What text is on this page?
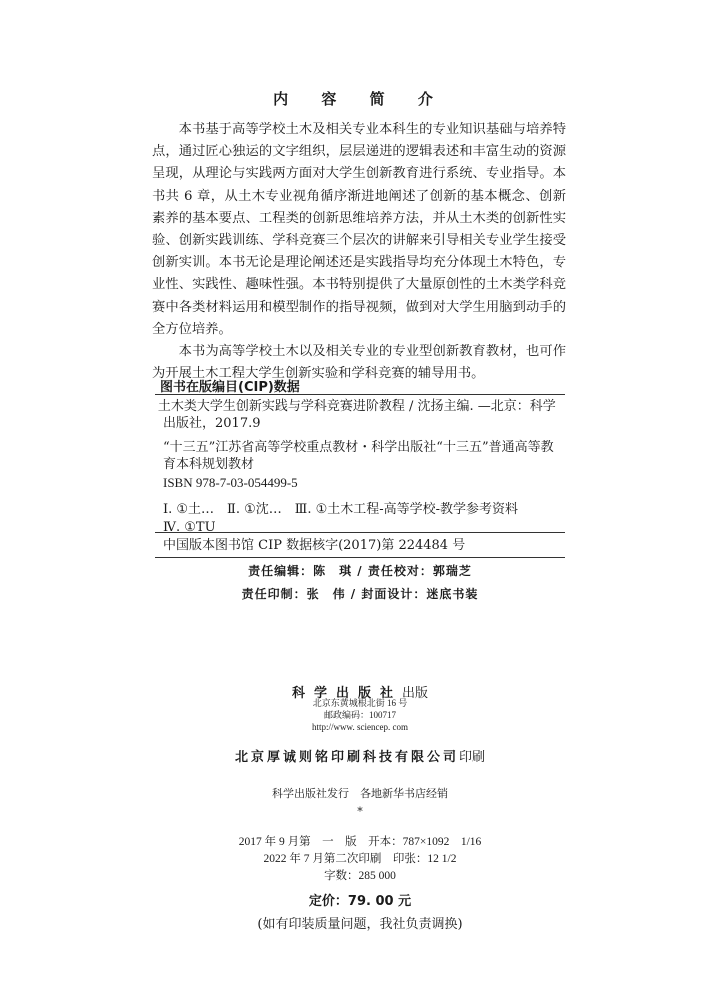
内 容 简 介

本书基于高等学校土木及相关专业本科生的专业知识基础与培养特点，通过匠心独运的文字组织，层层递进的逻辑表述和丰富生动的资源呈现，从理论与实践两方面对大学生创新教育进行系统、专业指导。本书共 6 章，从土木专业视角循序渐进地阐述了创新的基本概念、创新素养的基本要点、工程类的创新思维培养方法，并从土木类的创新性实验、创新实践训练、学科竞赛三个层次的讲解来引导相关专业学生接受创新实训。本书无论是理论阐述还是实践指导均充分体现土木特色，专业性、实践性、趣味性强。本书特别提供了大量原创性的土木类学科竞赛中各类材料运用和模型制作的指导视频，做到对大学生用脑到动手的全方位培养。

本书为高等学校土木以及相关专业的专业型创新教育教材，也可作为开展土木工程大学生创新实验和学科竞赛的辅导用书。

图书在版编目(CIP)数据
土木类大学生创新实践与学科竞赛进阶教程 / 沈扬主编. —北京：科学出版社，2017.9
“十三五”江苏省高等学校重点教材・科学出版社“十三五”普通高等教育本科规划教材
ISBN 978-7-03-054499-5
Ⅰ. ①土…　Ⅱ. ①沈…　Ⅲ. ①土木工程-高等学校-教学参考资料
Ⅳ. ①TU
中国版本图书馆 CIP 数据核字(2017)第 224484 号
责任编辑：陈　琪 / 责任校对：郭瑞芝
责任印制：张　伟 / 封面设计：迷底书装
科学出版社出版
北京东黄城根北街 16 号
邮政编码：100717
http://www. sciencep. com
北京厚诚则铭印刷科技有限公司印刷
科学出版社发行　各地新华书店经销
*
2017 年 9 月第　一　版　开本：787×1092　1/16
2022 年 7 月第二次印刷　印张：12 1/2
字数：285 000
定价：79. 00 元
(如有印装质量问题，我社负责调换)
